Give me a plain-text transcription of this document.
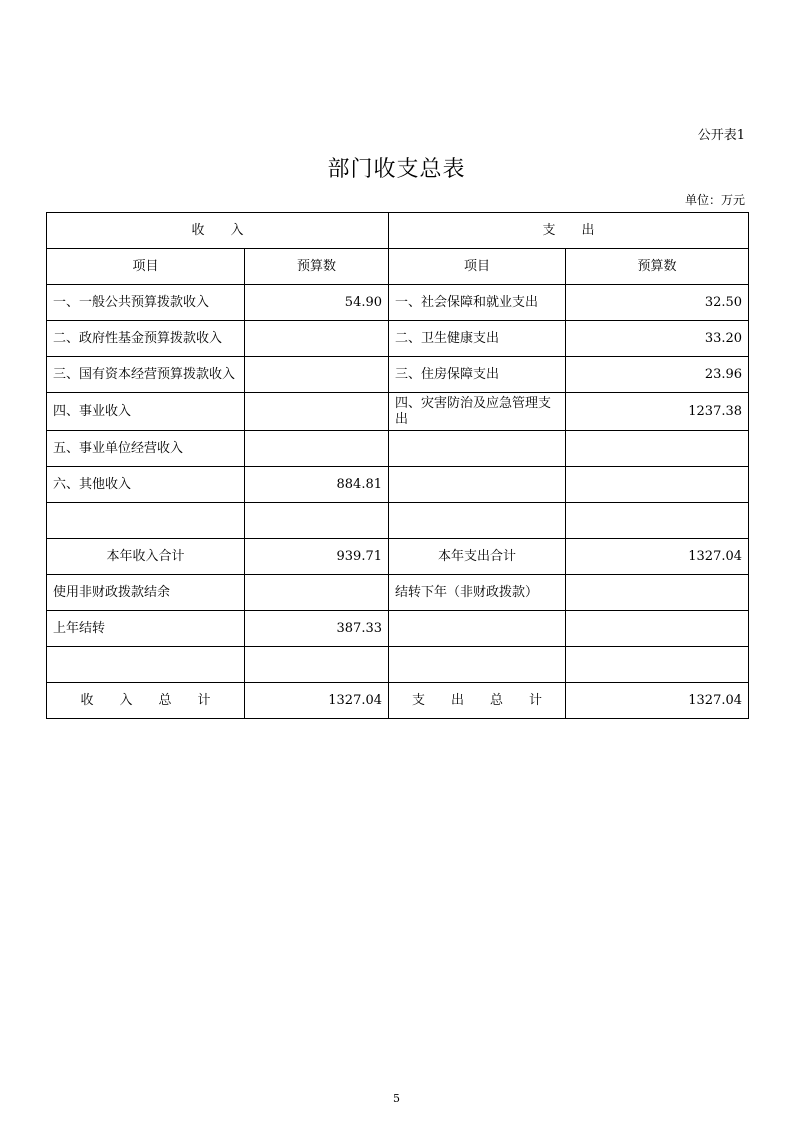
公开表1
部门收支总表
单位：万元
收　　入		支　　出	
项目	预算数	项目	预算数
一、一般公共预算拨款收入	54.90	一、社会保障和就业支出	32.50
二、政府性基金预算拨款收入		二、卫生健康支出	33.20
三、国有资本经营预算拨款收入		三、住房保障支出	23.96
四、事业收入		四、灾害防治及应急管理支出	1237.38
五、事业单位经营收入			
六、其他收入	884.81		

本年收入合计	939.71	本年支出合计	1327.04
使用非财政拨款结余		结转下年（非财政拨款）	
上年结转	387.33		

收　　入　　总　　计	1327.04	支　　出　　总　　计	1327.04
5
